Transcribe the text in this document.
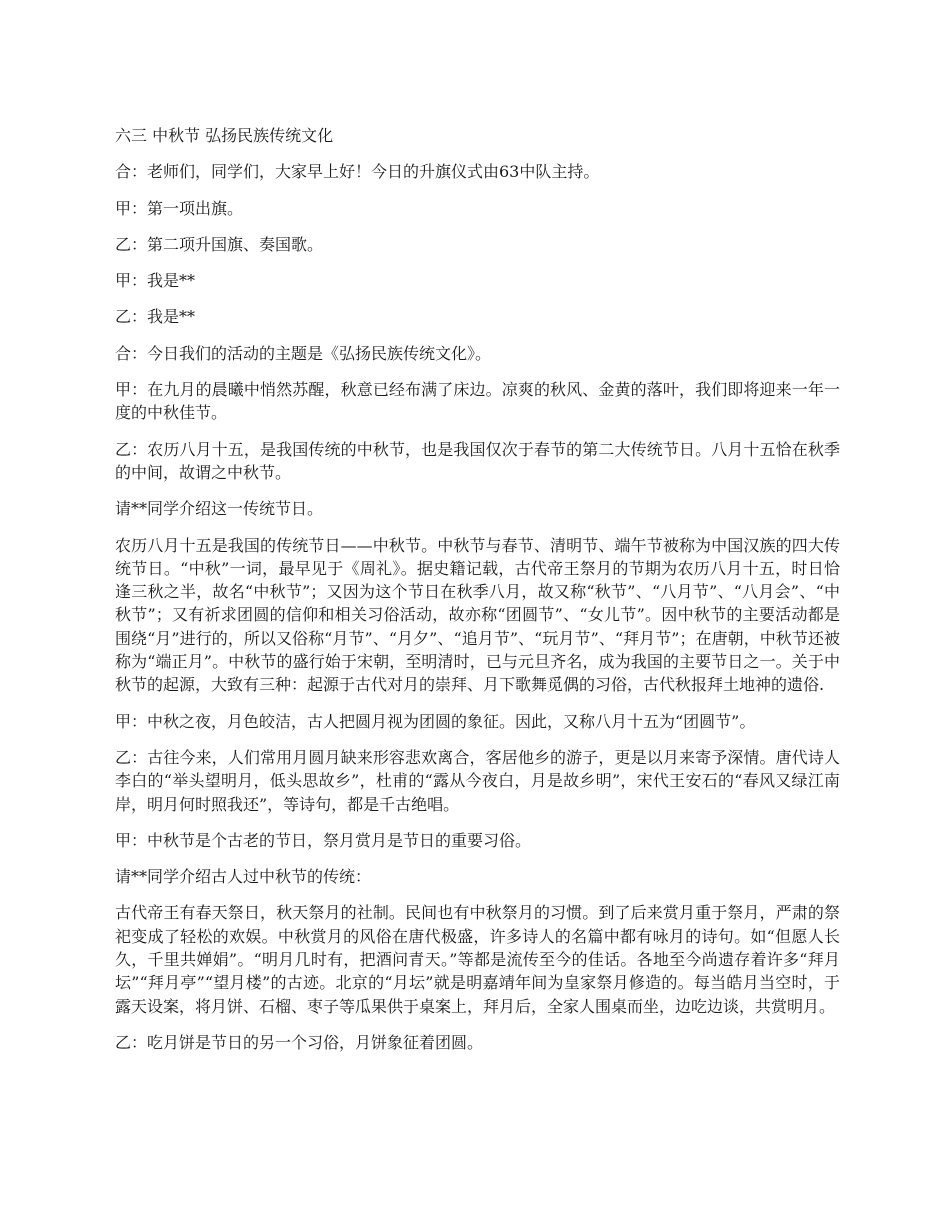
六三 中秋节 弘扬民族传统文化

合：老师们，同学们，大家早上好！今日的升旗仪式由63中队主持。

甲：第一项出旗。

乙：第二项升国旗、奏国歌。

甲：我是**

乙：我是**

合：今日我们的活动的主题是《弘扬民族传统文化》。

甲：在九月的晨曦中悄然苏醒，秋意已经布满了床边。凉爽的秋风、金黄的落叶，我们即将迎来一年一度的中秋佳节。

乙：农历八月十五，是我国传统的中秋节，也是我国仅次于春节的第二大传统节日。八月十五恰在秋季的中间，故谓之中秋节。

请**同学介绍这一传统节日。

农历八月十五是我国的传统节日——中秋节。中秋节与春节、清明节、端午节被称为中国汉族的四大传统节日。“中秋”一词，最早见于《周礼》。据史籍记载，古代帝王祭月的节期为农历八月十五，时日恰逢三秋之半，故名“中秋节”；又因为这个节日在秋季八月，故又称“秋节”、“八月节”、“八月会”、“中秋节”；又有祈求团圆的信仰和相关习俗活动，故亦称“团圆节”、“女儿节”。因中秋节的主要活动都是围绕“月”进行的，所以又俗称“月节”、“月夕”、“追月节”、“玩月节”、“拜月节”；在唐朝，中秋节还被称为“端正月”。中秋节的盛行始于宋朝，至明清时，已与元旦齐名，成为我国的主要节日之一。关于中秋节的起源，大致有三种：起源于古代对月的崇拜、月下歌舞觅偶的习俗，古代秋报拜土地神的遗俗.

甲：中秋之夜，月色皎洁，古人把圆月视为团圆的象征。因此，又称八月十五为“团圆节”。

乙：古往今来，人们常用月圆月缺来形容悲欢离合，客居他乡的游子，更是以月来寄予深情。唐代诗人李白的“举头望明月，低头思故乡”，杜甫的“露从今夜白，月是故乡明”，宋代王安石的“春风又绿江南岸，明月何时照我还”，等诗句，都是千古绝唱。

甲：中秋节是个古老的节日，祭月赏月是节日的重要习俗。

请**同学介绍古人过中秋节的传统：

古代帝王有春天祭日，秋天祭月的社制。民间也有中秋祭月的习惯。到了后来赏月重于祭月，严肃的祭祀变成了轻松的欢娱。中秋赏月的风俗在唐代极盛，许多诗人的名篇中都有咏月的诗句。如“但愿人长久，千里共婵娟”。“明月几时有，把酒问青天。”等都是流传至今的佳话。各地至今尚遗存着许多“拜月坛”“拜月亭”“望月楼”的古迹。北京的“月坛”就是明嘉靖年间为皇家祭月修造的。每当皓月当空时，于露天设案，将月饼、石榴、枣子等瓜果供于桌案上，拜月后，全家人围桌而坐，边吃边谈，共赏明月。

乙：吃月饼是节日的另一个习俗，月饼象征着团圆。
